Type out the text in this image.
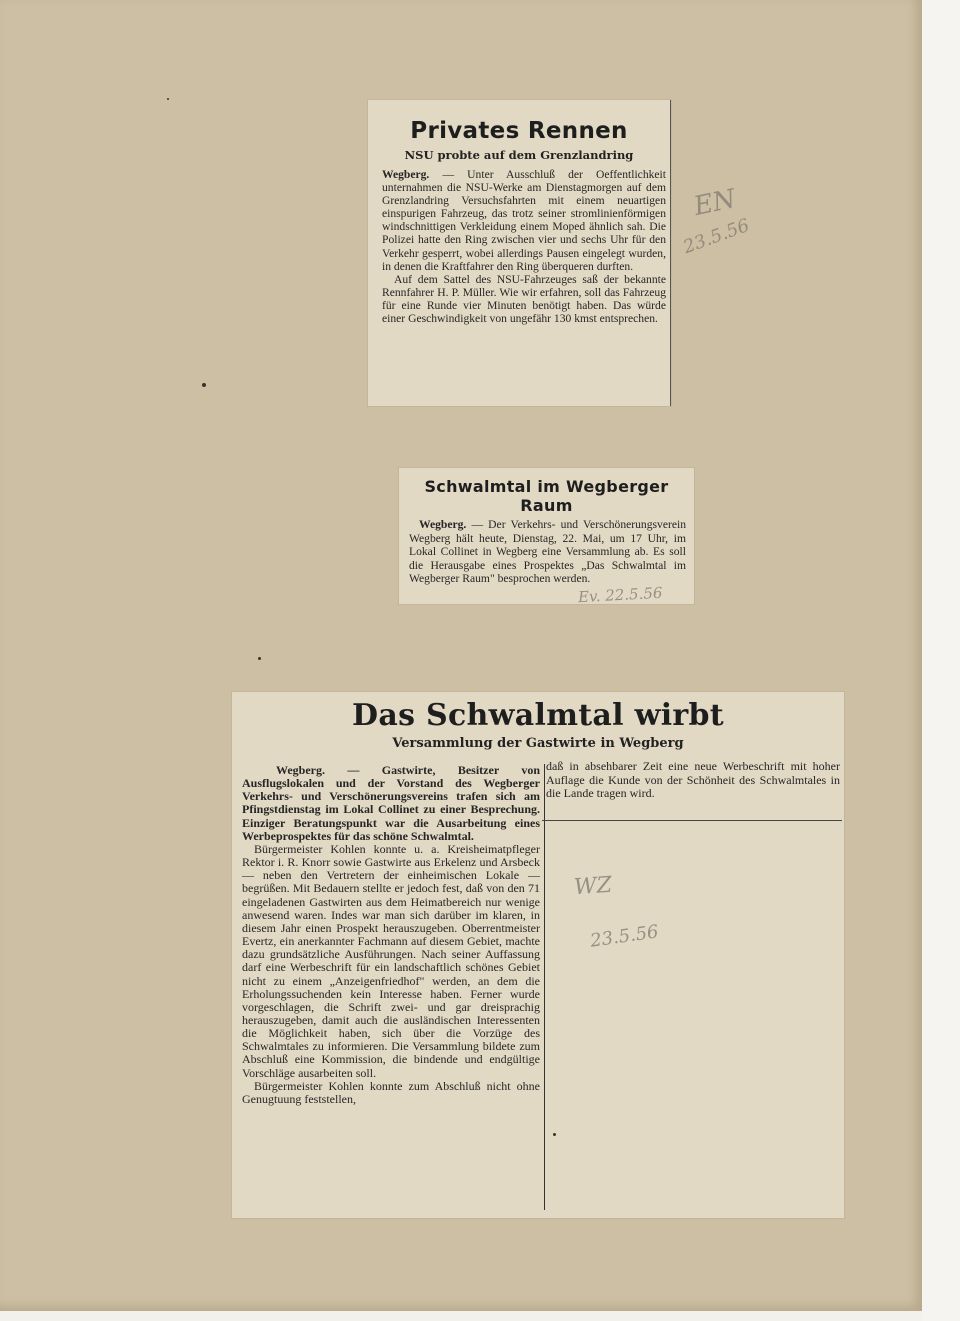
Privates Rennen
NSU probte auf dem Grenzlandring

Wegberg. — Unter Ausschluß der Oeffentlichkeit unternahmen die NSU-Werke am Dienstagmorgen auf dem Grenzlandring Versuchsfahrten mit einem neuartigen einspurigen Fahrzeug, das trotz seiner stromlinienförmigen windschnittigen Verkleidung einem Moped ähnlich sah. Die Polizei hatte den Ring zwischen vier und sechs Uhr für den Verkehr gesperrt, wobei allerdings Pausen eingelegt wurden, in denen die Kraftfahrer den Ring überqueren durften.

Auf dem Sattel des NSU-Fahrzeuges saß der bekannte Rennfahrer H. P. Müller. Wie wir erfahren, soll das Fahrzeug für eine Runde vier Minuten benötigt haben. Das würde einer Geschwindigkeit von ungefähr 130 kmst entsprechen.

EN
23.5.56
Schwalmtal im Wegberger Raum

Wegberg. — Der Verkehrs- und Verschönerungsverein Wegberg hält heute, Dienstag, 22. Mai, um 17 Uhr, im Lokal Collinet in Wegberg eine Versammlung ab. Es soll die Herausgabe eines Prospektes „Das Schwalmtal im Wegberger Raum" besprochen werden.

Ev. 22.5.56
Das Schwalmtal wirbt
Versammlung der Gastwirte in Wegberg

Wegberg. — Gastwirte, Besitzer von Ausflugslokalen und der Vorstand des Wegberger Verkehrs- und Verschönerungsvereins trafen sich am Pfingstdienstag im Lokal Collinet zu einer Besprechung. Einziger Beratungspunkt war die Ausarbeitung eines Werbeprospektes für das schöne Schwalmtal.

Bürgermeister Kohlen konnte u. a. Kreisheimatpfleger Rektor i. R. Knorr sowie Gastwirte aus Erkelenz und Arsbeck — neben den Vertretern der einheimischen Lokale — begrüßen. Mit Bedauern stellte er jedoch fest, daß von den 71 eingeladenen Gastwirten aus dem Heimatbereich nur wenige anwesend waren. Indes war man sich darüber im klaren, in diesem Jahr einen Prospekt herauszugeben. Oberrentmeister Evertz, ein anerkannter Fachmann auf diesem Gebiet, machte dazu grundsätzliche Ausführungen. Nach seiner Auffassung darf eine Werbeschrift für ein landschaftlich schönes Gebiet nicht zu einem „Anzeigenfriedhof" werden, an dem die Erholungssuchenden kein Interesse haben. Ferner wurde vorgeschlagen, die Schrift zwei- und gar dreisprachig herauszugeben, damit auch die ausländischen Interessenten die Möglichkeit haben, sich über die Vorzüge des Schwalmtales zu informieren. Die Versammlung bildete zum Abschluß eine Kommission, die bindende und endgültige Vorschläge ausarbeiten soll.

Bürgermeister Kohlen konnte zum Abschluß nicht ohne Genugtuung feststellen,

daß in absehbarer Zeit eine neue Werbeschrift mit hoher Auflage die Kunde von der Schönheit des Schwalmtales in die Lande tragen wird.

WZ
23.5.56
